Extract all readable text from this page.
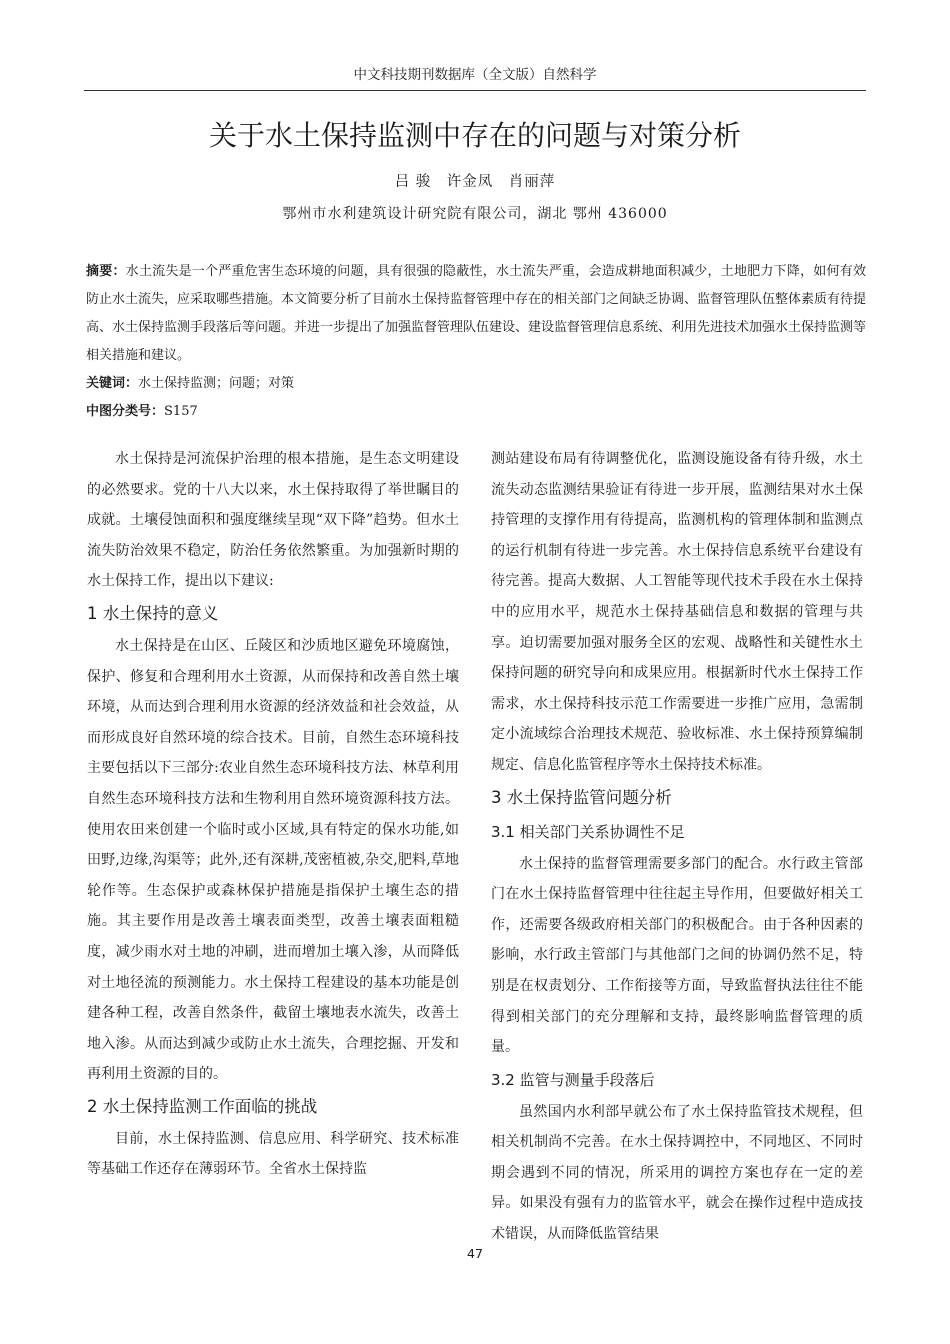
中文科技期刊数据库（全文版）自然科学
关于水土保持监测中存在的问题与对策分析
吕 骏　许金凤　肖丽萍
鄂州市水利建筑设计研究院有限公司，湖北 鄂州 436000

摘要：水土流失是一个严重危害生态环境的问题，具有很强的隐蔽性，水土流失严重，会造成耕地面积减少，土地肥力下降，如何有效防止水土流失，应采取哪些措施。本文简要分析了目前水土保持监督管理中存在的相关部门之间缺乏协调、监督管理队伍整体素质有待提高、水土保持监测手段落后等问题。并进一步提出了加强监督管理队伍建设、建设监督管理信息系统、利用先进技术加强水土保持监测等相关措施和建议。

关键词：水土保持监测；问题；对策

中图分类号：S157

水土保持是河流保护治理的根本措施，是生态文明建设的必然要求。党的十八大以来，水土保持取得了举世瞩目的成就。土壤侵蚀面积和强度继续呈现“双下降”趋势。但水土流失防治效果不稳定，防治任务依然繁重。为加强新时期的水土保持工作，提出以下建议:

1 水土保持的意义

水土保持是在山区、丘陵区和沙质地区避免环境腐蚀，保护、修复和合理利用水土资源，从而保持和改善自然土壤环境，从而达到合理利用水资源的经济效益和社会效益，从而形成良好自然环境的综合技术。目前，自然生态环境科技主要包括以下三部分:农业自然生态环境科技方法、林草利用自然生态环境科技方法和生物利用自然环境资源科技方法。使用农田来创建一个临时或小区域,具有特定的保水功能,如田野,边缘,沟渠等；此外,还有深耕,茂密植被,杂交,肥料,草地轮作等。生态保护或森林保护措施是指保护土壤生态的措施。其主要作用是改善土壤表面类型，改善土壤表面粗糙度，减少雨水对土地的冲刷，进而增加土壤入渗，从而降低对土地径流的预测能力。水土保持工程建设的基本功能是创建各种工程，改善自然条件，截留土壤地表水流失，改善土地入渗。从而达到减少或防止水土流失，合理挖掘、开发和再利用土资源的目的。

2 水土保持监测工作面临的挑战

目前，水土保持监测、信息应用、科学研究、技术标准等基础工作还存在薄弱环节。全省水土保持监

测站建设布局有待调整优化，监测设施设备有待升级，水土流失动态监测结果验证有待进一步开展，监测结果对水土保持管理的支撑作用有待提高，监测机构的管理体制和监测点的运行机制有待进一步完善。水土保持信息系统平台建设有待完善。提高大数据、人工智能等现代技术手段在水土保持中的应用水平，规范水土保持基础信息和数据的管理与共享。迫切需要加强对服务全区的宏观、战略性和关键性水土保持问题的研究导向和成果应用。根据新时代水土保持工作需求，水土保持科技示范工作需要进一步推广应用，急需制定小流域综合治理技术规范、验收标准、水土保持预算编制规定、信息化监管程序等水土保持技术标准。

3 水土保持监管问题分析
3.1 相关部门关系协调性不足

水土保持的监督管理需要多部门的配合。水行政主管部门在水土保持监督管理中往往起主导作用，但要做好相关工作，还需要各级政府相关部门的积极配合。由于各种因素的影响，水行政主管部门与其他部门之间的协调仍然不足，特别是在权责划分、工作衔接等方面，导致监督执法往往不能得到相关部门的充分理解和支持，最终影响监督管理的质量。

3.2 监管与测量手段落后

虽然国内水利部早就公布了水土保持监管技术规程，但相关机制尚不完善。在水土保持调控中，不同地区、不同时期会遇到不同的情况，所采用的调控方案也存在一定的差异。如果没有强有力的监管水平，就会在操作过程中造成技术错误，从而降低监管结果

47
